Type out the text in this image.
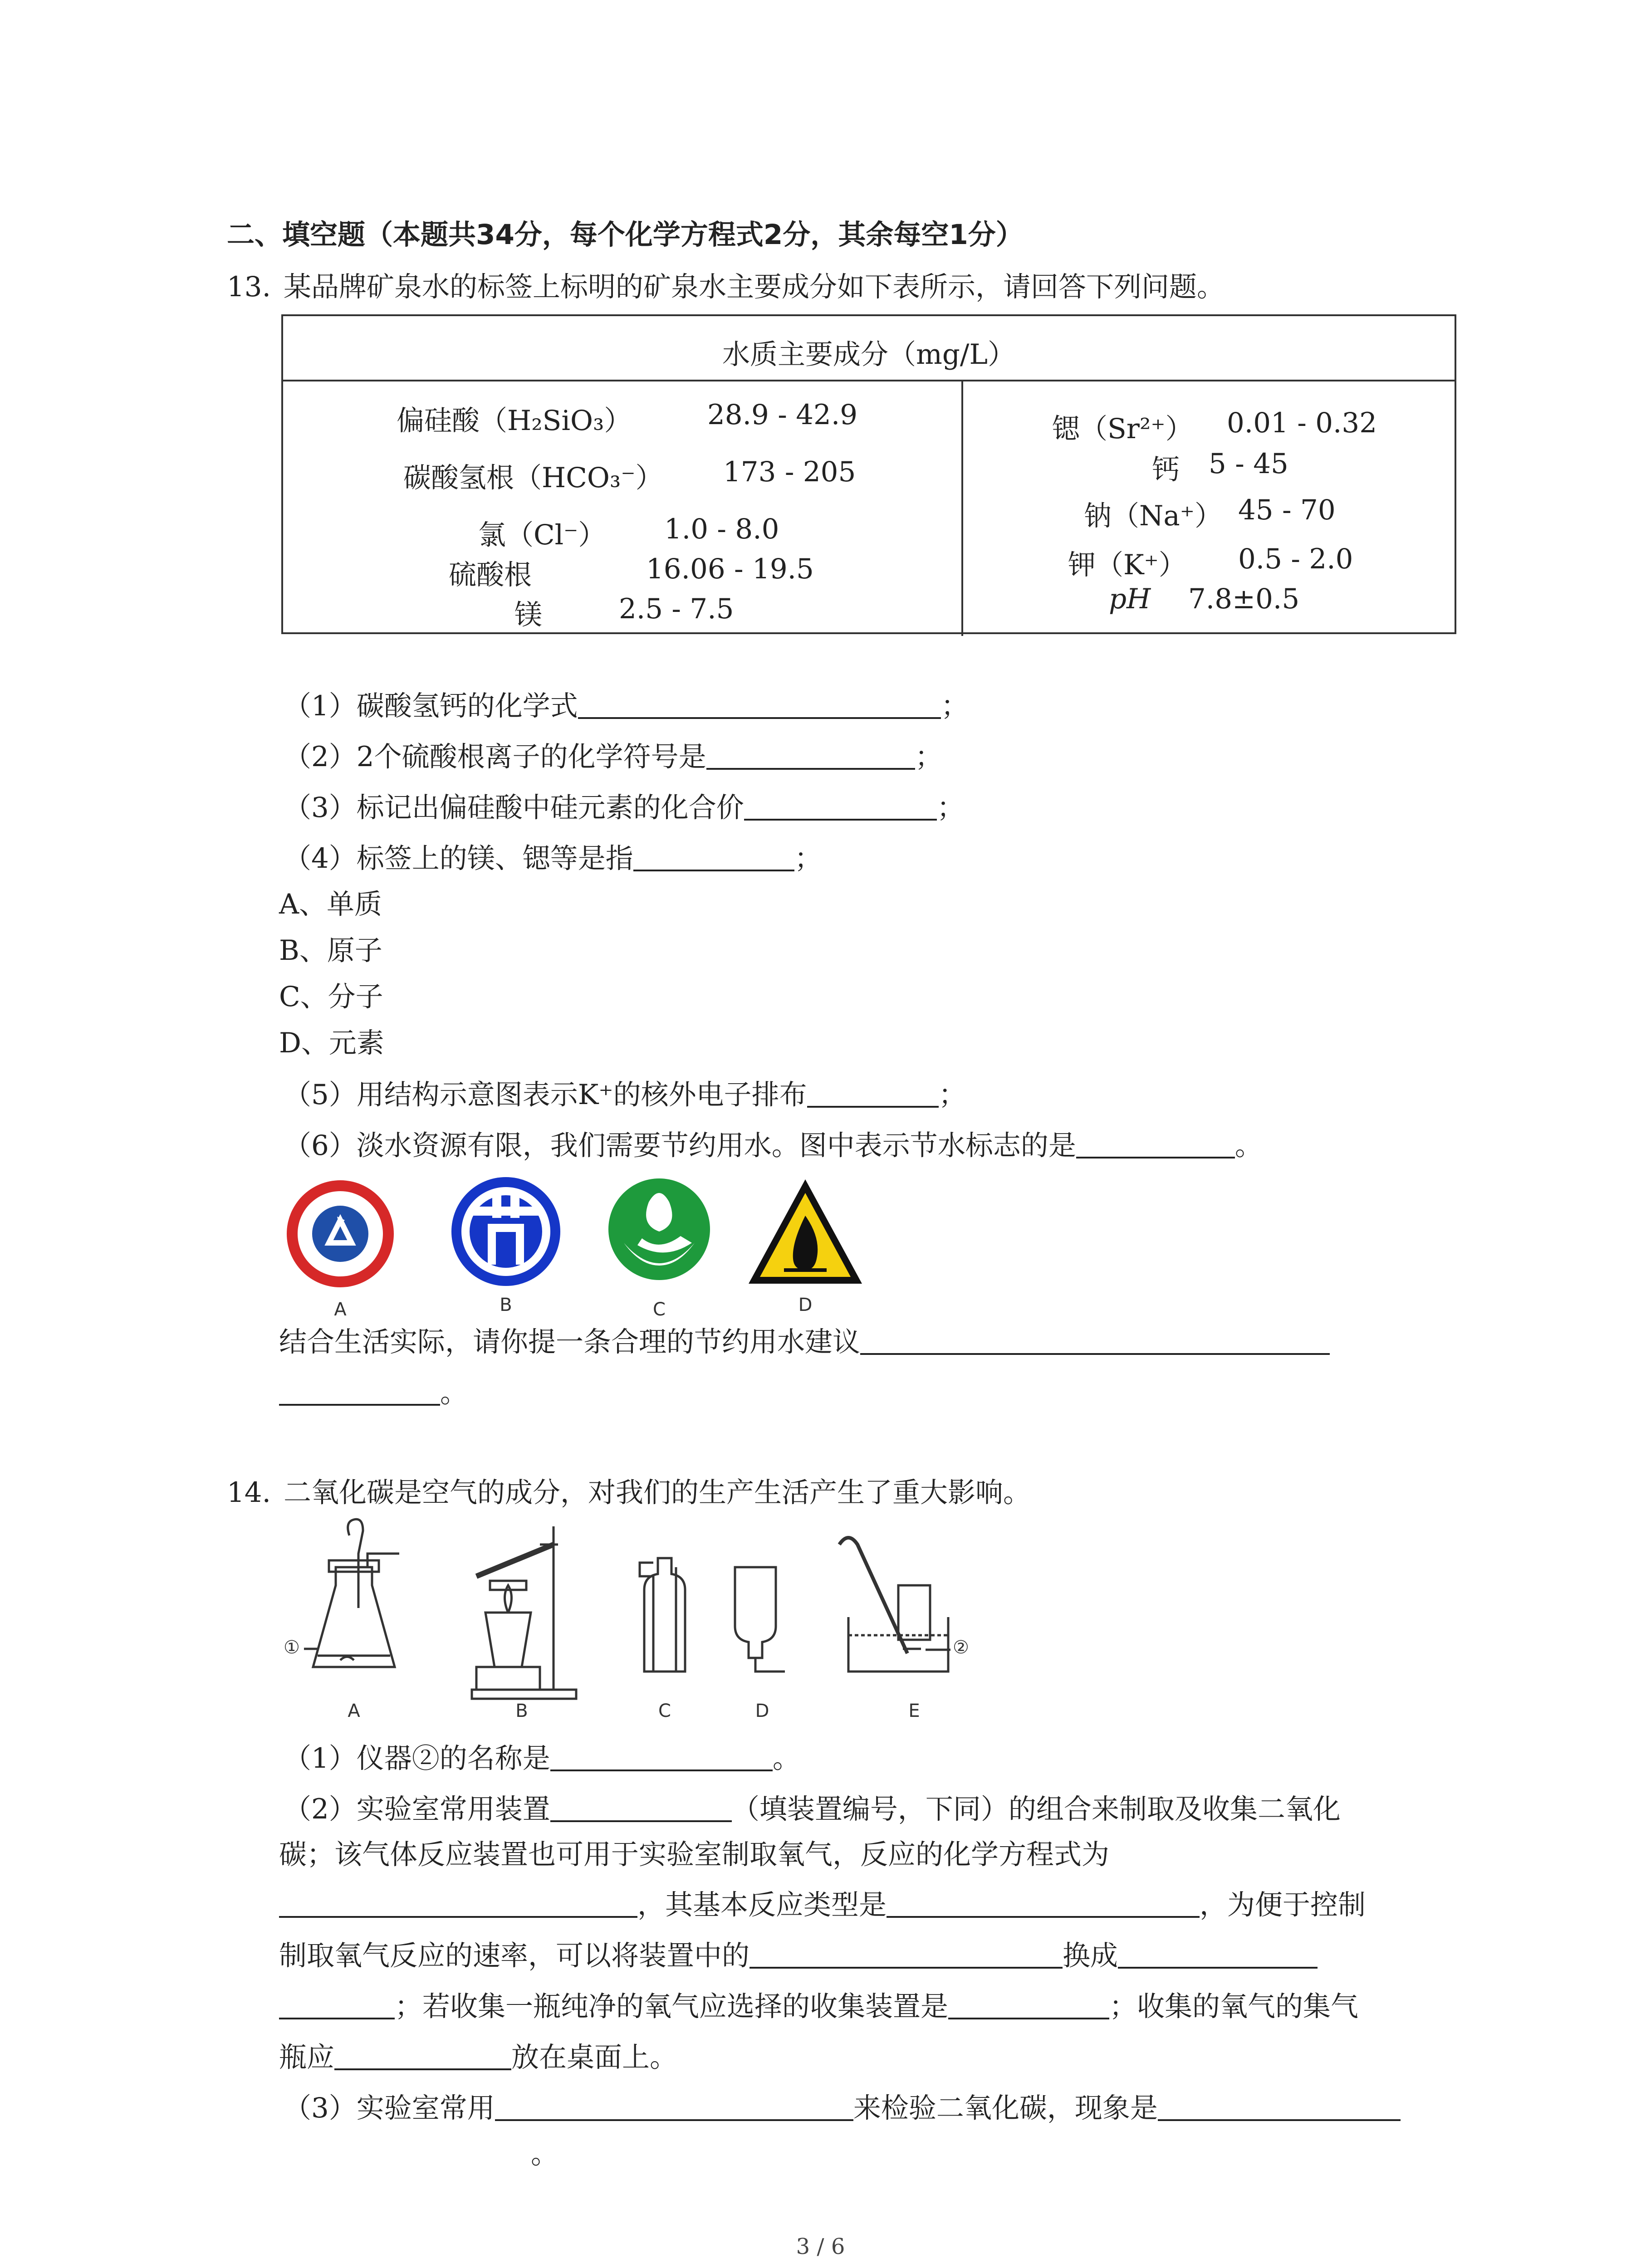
二、填空题（本题共34分，每个化学方程式2分，其余每空1分）
13. 某品牌矿泉水的标签上标明的矿泉水主要成分如下表所示，请回答下列问题。
水质主要成分（mg/L）
偏硅酸（H₂SiO₃）	28.9 - 42.9
碳酸氢根（HCO₃⁻） 173 - 205
氯（Cl⁻） 1.0 - 8.0
硫酸根	16.06 - 19.5
镁	2.5 - 7.5
锶（Sr²⁺） 0.01 - 0.32
钙 5 - 45
钠（Na⁺） 45 - 70
钾（K⁺） 0.5 - 2.0
pH 7.8±0.5
（1）碳酸氢钙的化学式	；
（2）2个硫酸根离子的化学符号是	；
（3）标记出偏硅酸中硅元素的化合价	；
（4）标签上的镁、锶等是指	；
A、单质
B、原子
C、分子
D、元素
（5）用结构示意图表示K⁺的核外电子排布	；
（6）淡水资源有限，我们需要节约用水。图中表示节水标志的是	。
A	B	C	D
结合生活实际，请你提一条合理的节约用水建议
。
14. 二氧化碳是空气的成分，对我们的生产生活产生了重大影响。
①	②
A	B	C	D	E
（1）仪器②的名称是	。
（2）实验室常用装置	（填装置编号，下同）的组合来制取及收集二氧化
碳；该气体反应装置也可用于实验室制取氧气，反应的化学方程式为
，其基本反应类型是	，为便于控制
制取氧气反应的速率，可以将装置中的	换成
；若收集一瓶纯净的氧气应选择的收集装置是	；收集的氧气的集气
瓶应	放在桌面上。
（3）实验室常用	来检验二氧化碳，现象是
。
3 / 6
